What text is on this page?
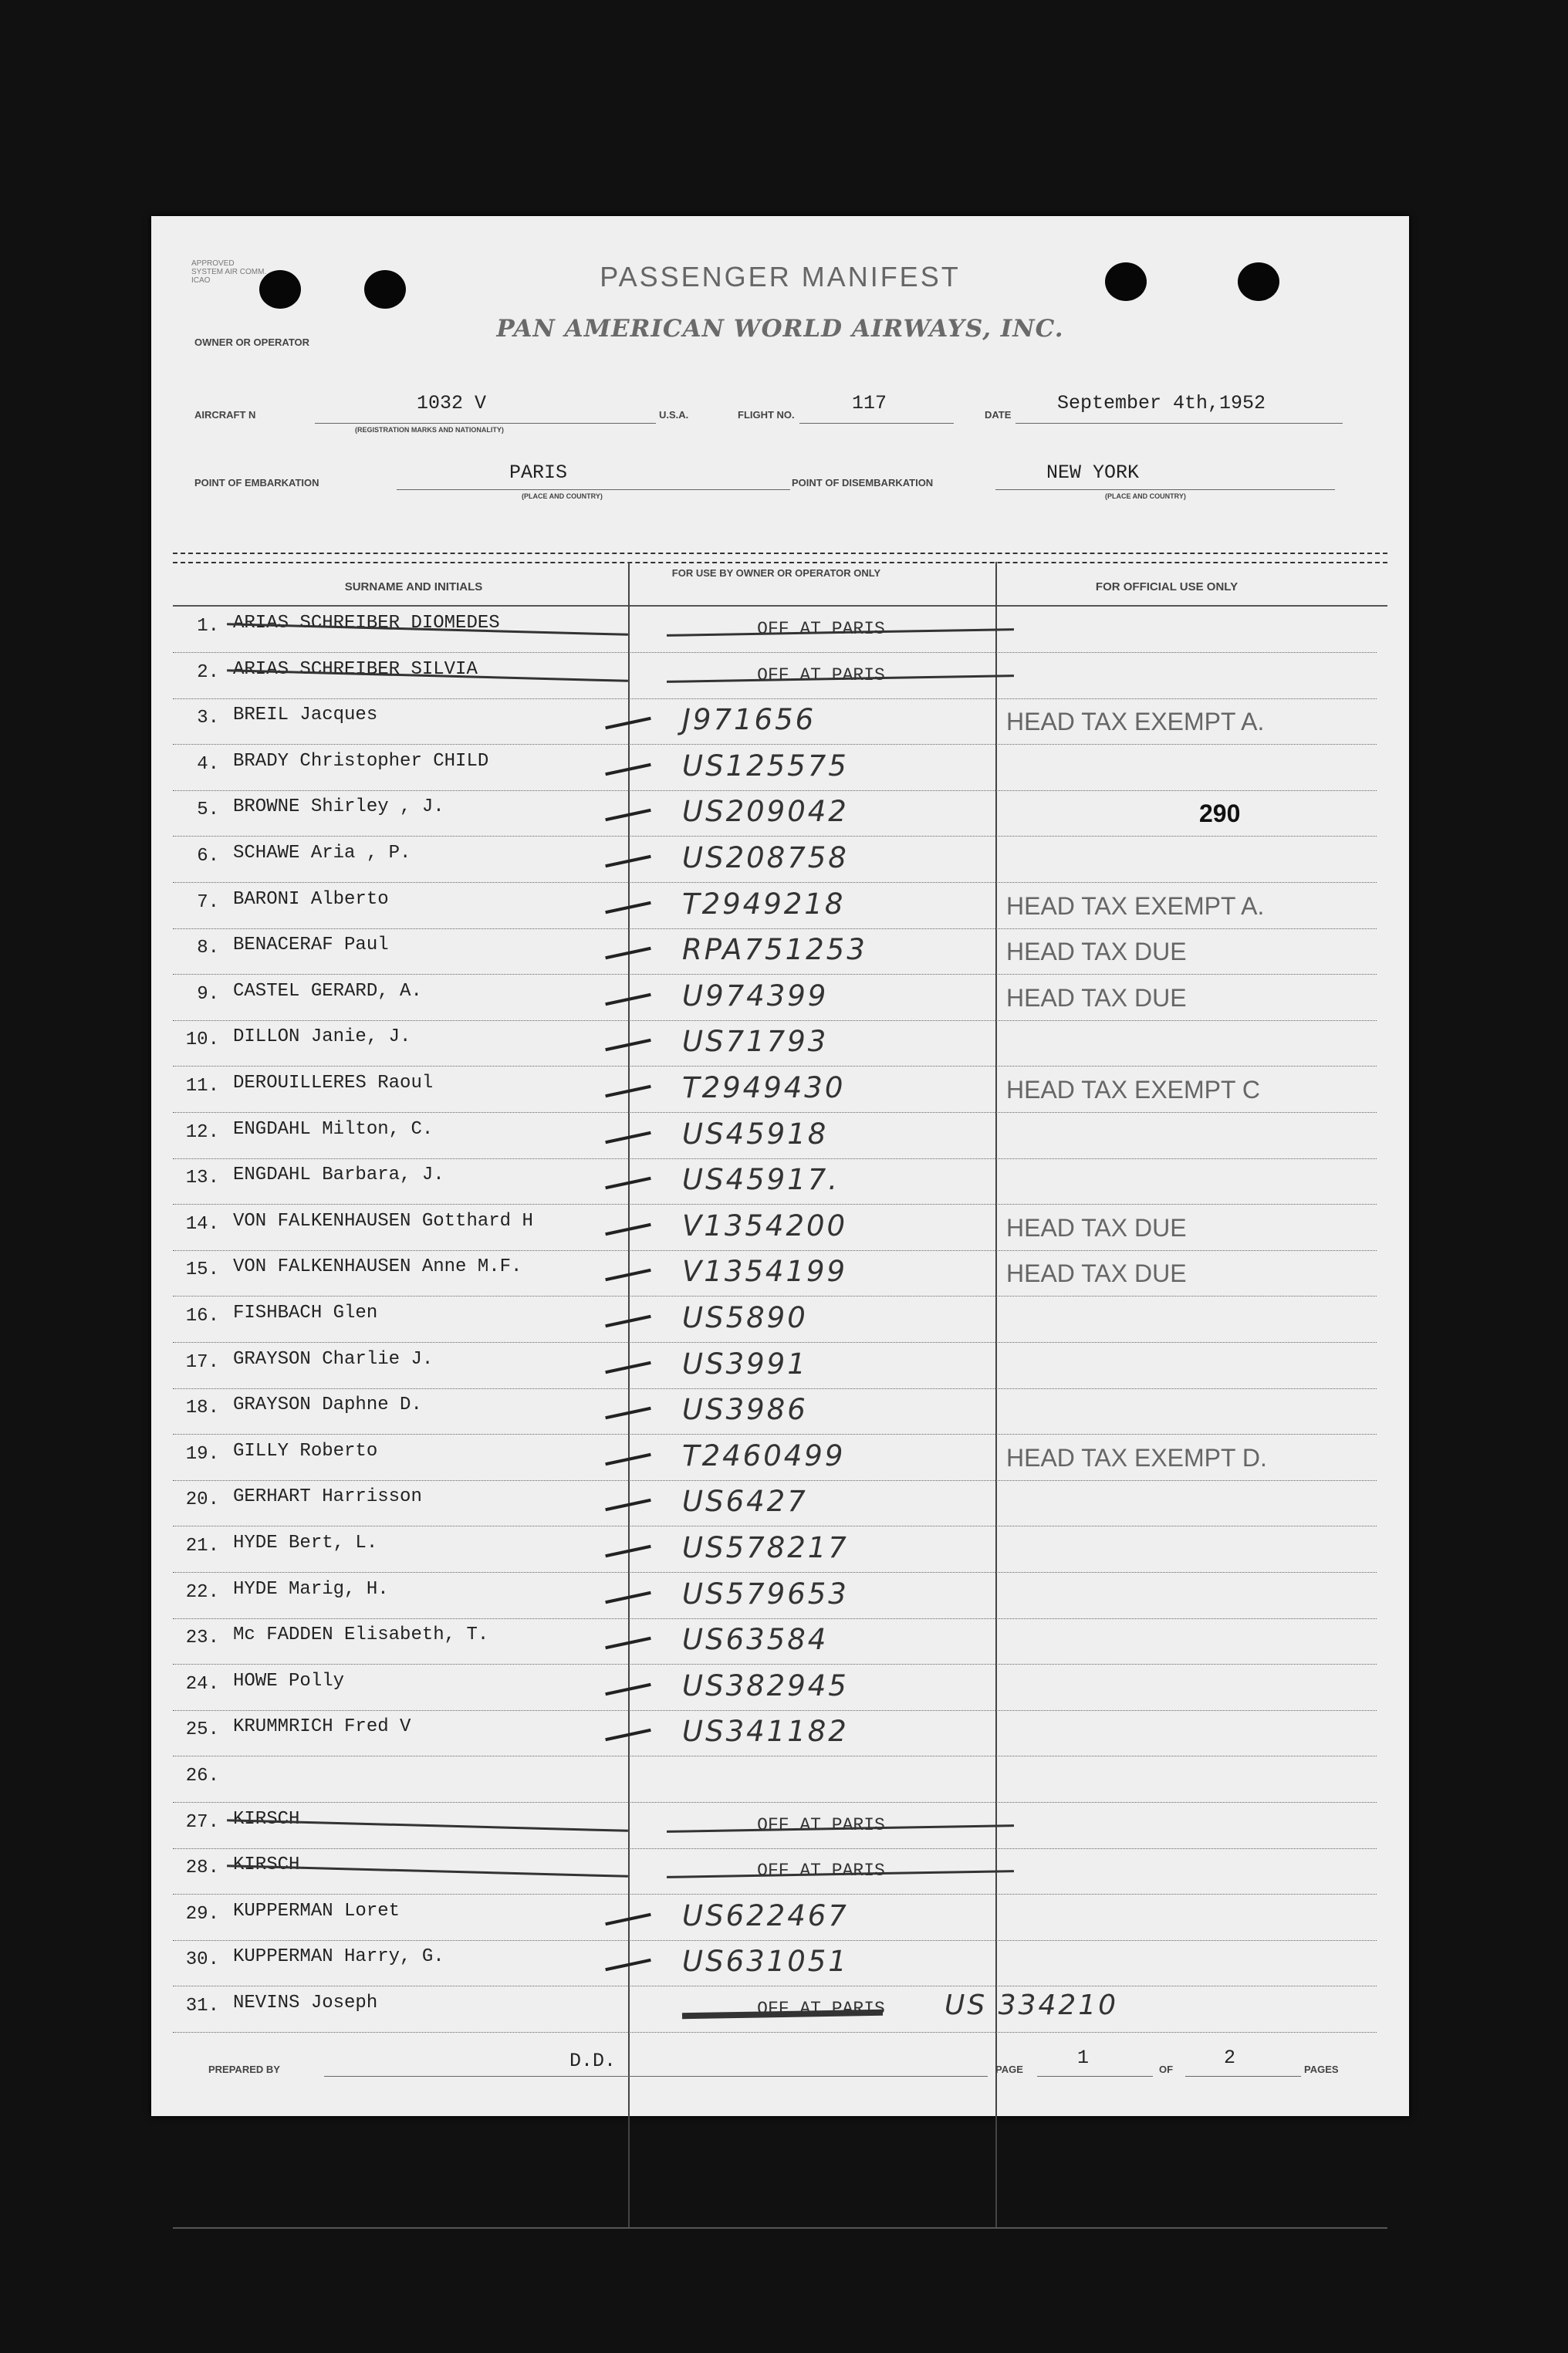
APPROVED
SYSTEM AIR COMM.
ICAO	PASSENGER MANIFEST
OWNER OR OPERATOR	PAN AMERICAN WORLD AIRWAYS, INC.
AIRCRAFT N
1032 V
(REGISTRATION MARKS AND NATIONALITY)
U.S.A.	FLIGHT NO.
117
DATE
September 4th,1952
POINT OF EMBARKATION	PARIS
(PLACE AND COUNTRY)
POINT OF DISEMBARKATION	NEW YORK
(PLACE AND COUNTRY)
SURNAME AND INITIALS
FOR USE BY OWNER OR OPERATOR ONLY
FOR OFFICIAL USE ONLY
1. ARIAS SCHREIBER DIOMEDES	OFF AT PARIS
2. ARIAS SCHREIBER SILVIA	OFF AT PARIS
3. BREIL Jacques	J971656	HEAD TAX EXEMPT A.
4. BRADY Christopher CHILD	US125575
5. BROWNE Shirley , J.	US209042	290
6. SCHAWE Aria , P.	US208758
7. BARONI Alberto	T2949218	HEAD TAX EXEMPT A.
8. BENACERAF Paul	RPA751253	HEAD TAX DUE
9. CASTEL GERARD, A.	U974399	HEAD TAX DUE
10. DILLON Janie, J.	US71793
11. DEROUILLERES Raoul	T2949430	HEAD TAX EXEMPT C
12. ENGDAHL Milton, C.	US45918
13. ENGDAHL Barbara, J.	US45917.
14. VON FALKENHAUSEN Gotthard H	V1354200	HEAD TAX DUE
15. VON FALKENHAUSEN Anne M.F.	V1354199	HEAD TAX DUE
16. FISHBACH Glen	US5890
17. GRAYSON Charlie J.	US3991
18. GRAYSON Daphne D.	US3986
19. GILLY Roberto	T2460499	HEAD TAX EXEMPT D.
20. GERHART Harrisson	US6427
21. HYDE Bert, L.	US578217
22. HYDE Marig, H.	US579653
23. Mc FADDEN Elisabeth, T.	US63584
24. HOWE Polly	US382945
25. KRUMMRICH Fred V	US341182
26.
27. KIRSCH	OFF AT PARIS
28. KIRSCH	OFF AT PARIS
29. KUPPERMAN Loret	US622467
30. KUPPERMAN Harry, G.	US631051
31. NEVINS Joseph	OFF AT PARIS	US 334210
PREPARED BY	D.D.	PAGE
1
OF
2
PAGES
